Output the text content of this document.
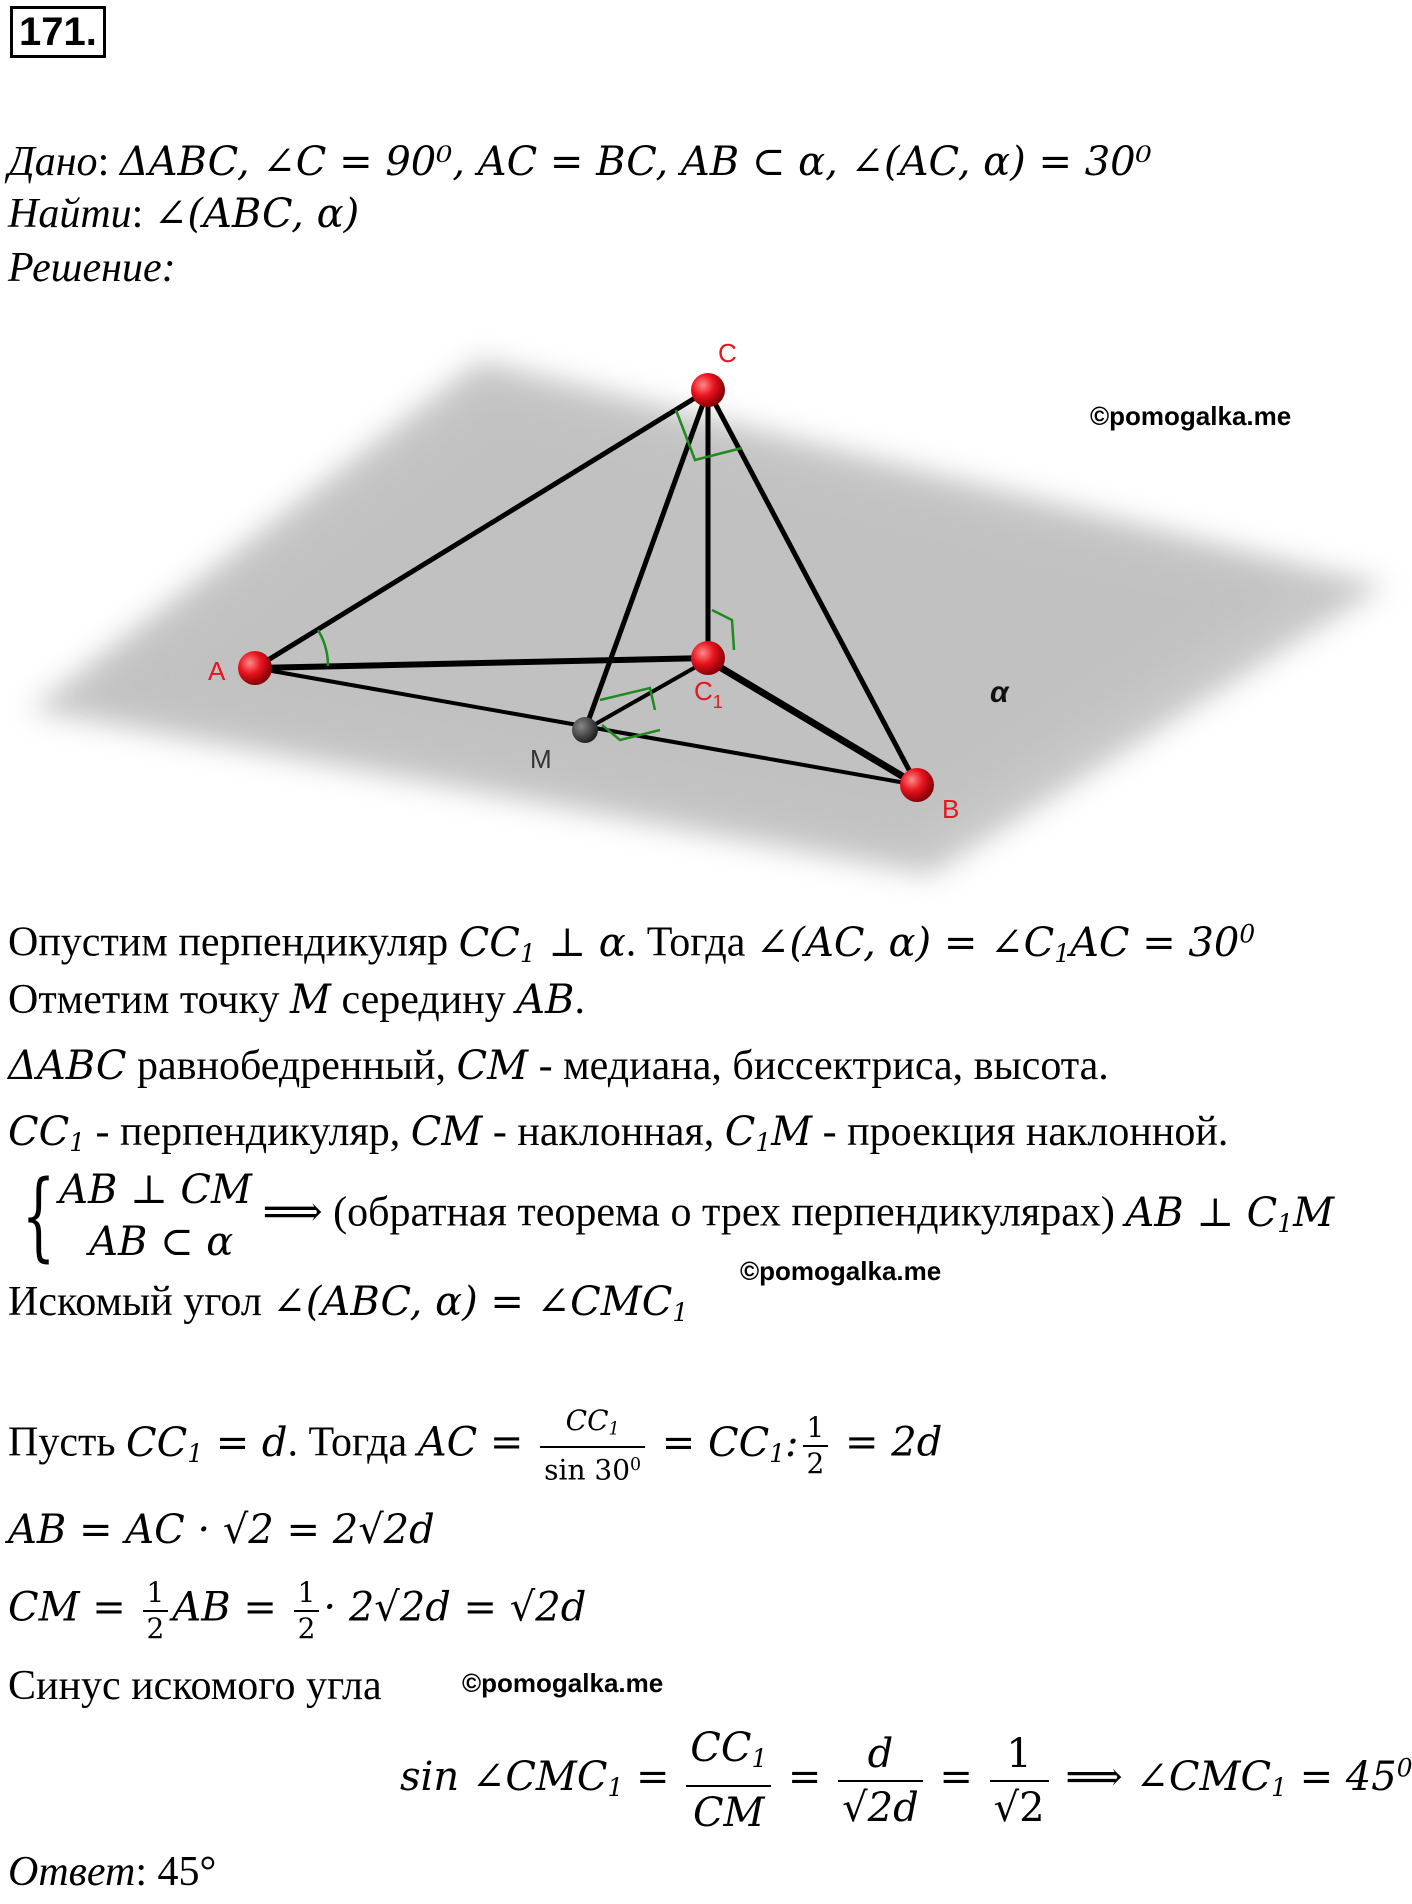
171.
Дано: ΔABC, ∠C = 90⁰, AC = BC, AB ⊂ α, ∠(AC, α) = 30⁰
Найти: ∠(ABC, α)
Решение:
C
A
$C_1$
B
M
α
©pomogalka.me
Опустим перпендикуляр $CC_1$ ⊥ α. Тогда ∠(AC, $\alpha) = \angle C_1AC = 30^0$
Отметим точку M середину AB.
ΔABC равнобедренный, CM - медиана, биссектриса, высота.
$CC_1$ - перпендикуляр, CM - наклонная, $C_1M$ - проекция наклонной.
{ AB ⊥ CM
AB ⊂ α
⟹ (обратная теорема о трех перпендикулярах) AB ⊥ $C_1M$
©pomogalka.me
Искомый угол ∠(ABC, $\alpha) = \angle CMC_1$
Пусть $CC_1 = d$. Тогда AC = $\frac{CC_1}{\sin 30^0} = CC_1$: $\frac{1}{2} = 2d$
AB = AC · √2 = 2√2d
CM = $\frac{1}{2}$ AB = $\frac{1}{2} \cdot 2√2d = √2d$
Синус искомого угла	©pomogalka.me
$\sin \angle CMC_1 = \frac{CC_1}{CM} = \frac{d}{√2d} = \frac{1}{√2}$ ⟹ $\angle CMC_1 = 45^0$
Ответ: 45°
